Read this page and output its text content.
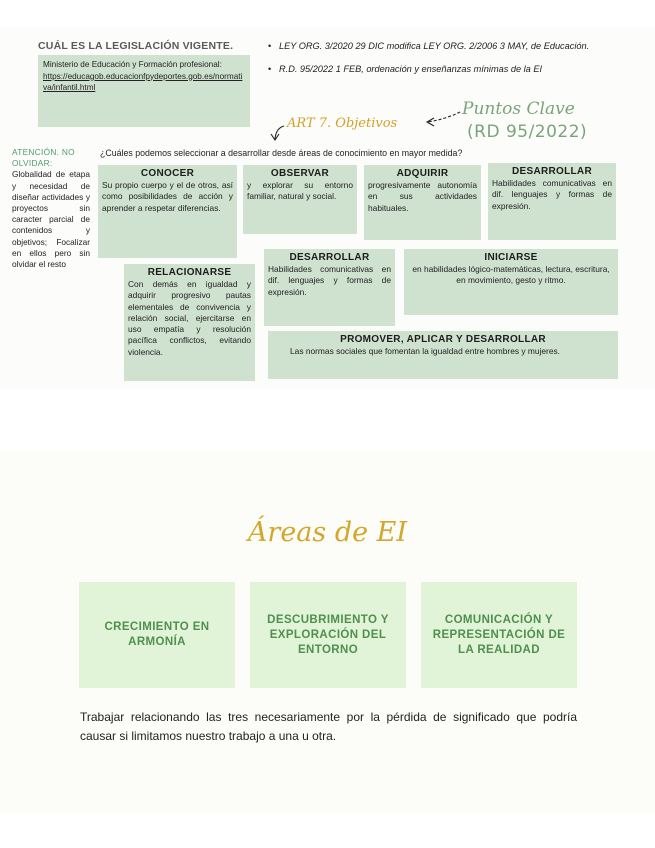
CUÁL ES LA LEGISLACIÓN VIGENTE.
Ministerio de Educación y Formación profesional:
https://educagob.educacionfpydeportes.gob.es/normativa/infantil.html
• LEY ORG. 3/2020 29 DIC modifica LEY ORG. 2/2006 3 MAY, de Educación.
• R.D. 95/2022 1 FEB, ordenación y enseñanzas mínimas de la EI
Puntos Clave
(RD 95/2022)
ART 7. Objetivos
¿Cuáles podemos seleccionar a desarrollar desde áreas de conocimiento en mayor medida?
ATENCIÓN. NO OLVIDAR:
Globalidad de etapa y necesidad de diseñar actividades y proyectos sin caracter parcial de contenidos y objetivos; Focalizar en ellos pero sin olvidar el resto
CONOCER
Su propio cuerpo y el de otros, así como posibilidades de acción y aprender a respetar diferencias.
OBSERVAR
y explorar su entorno familiar, natural y social.
ADQUIRIR
progresivamente autonomía en sus actividades habituales.
DESARROLLAR
Habilidades comunicativas en dif. lenguajes y formas de expresión.
RELACIONARSE
Con demás en igualdad y adquirir progresivo pautas elementales de convivencia y relación social, ejercitarse en uso empatía y resolución pacífica conflictos, evitando violencia.
DESARROLLAR
Habilidades comunicativas en dif. lenguajes y formas de expresión.
INICIARSE
en habilidades lógico-matemáticas, lectura, escritura, en movimiento, gesto y ritmo.
PROMOVER, APLICAR Y DESARROLLAR
Las normas sociales que fomentan la igualdad entre hombres y mujeres.
Áreas de EI
CRECIMIENTO EN ARMONÍA
DESCUBRIMIENTO Y EXPLORACIÓN DEL ENTORNO
COMUNICACIÓN Y REPRESENTACIÓN DE LA REALIDAD
Trabajar relacionando las tres necesariamente por la pérdida de significado que podría causar si limitamos nuestro trabajo a una u otra.
